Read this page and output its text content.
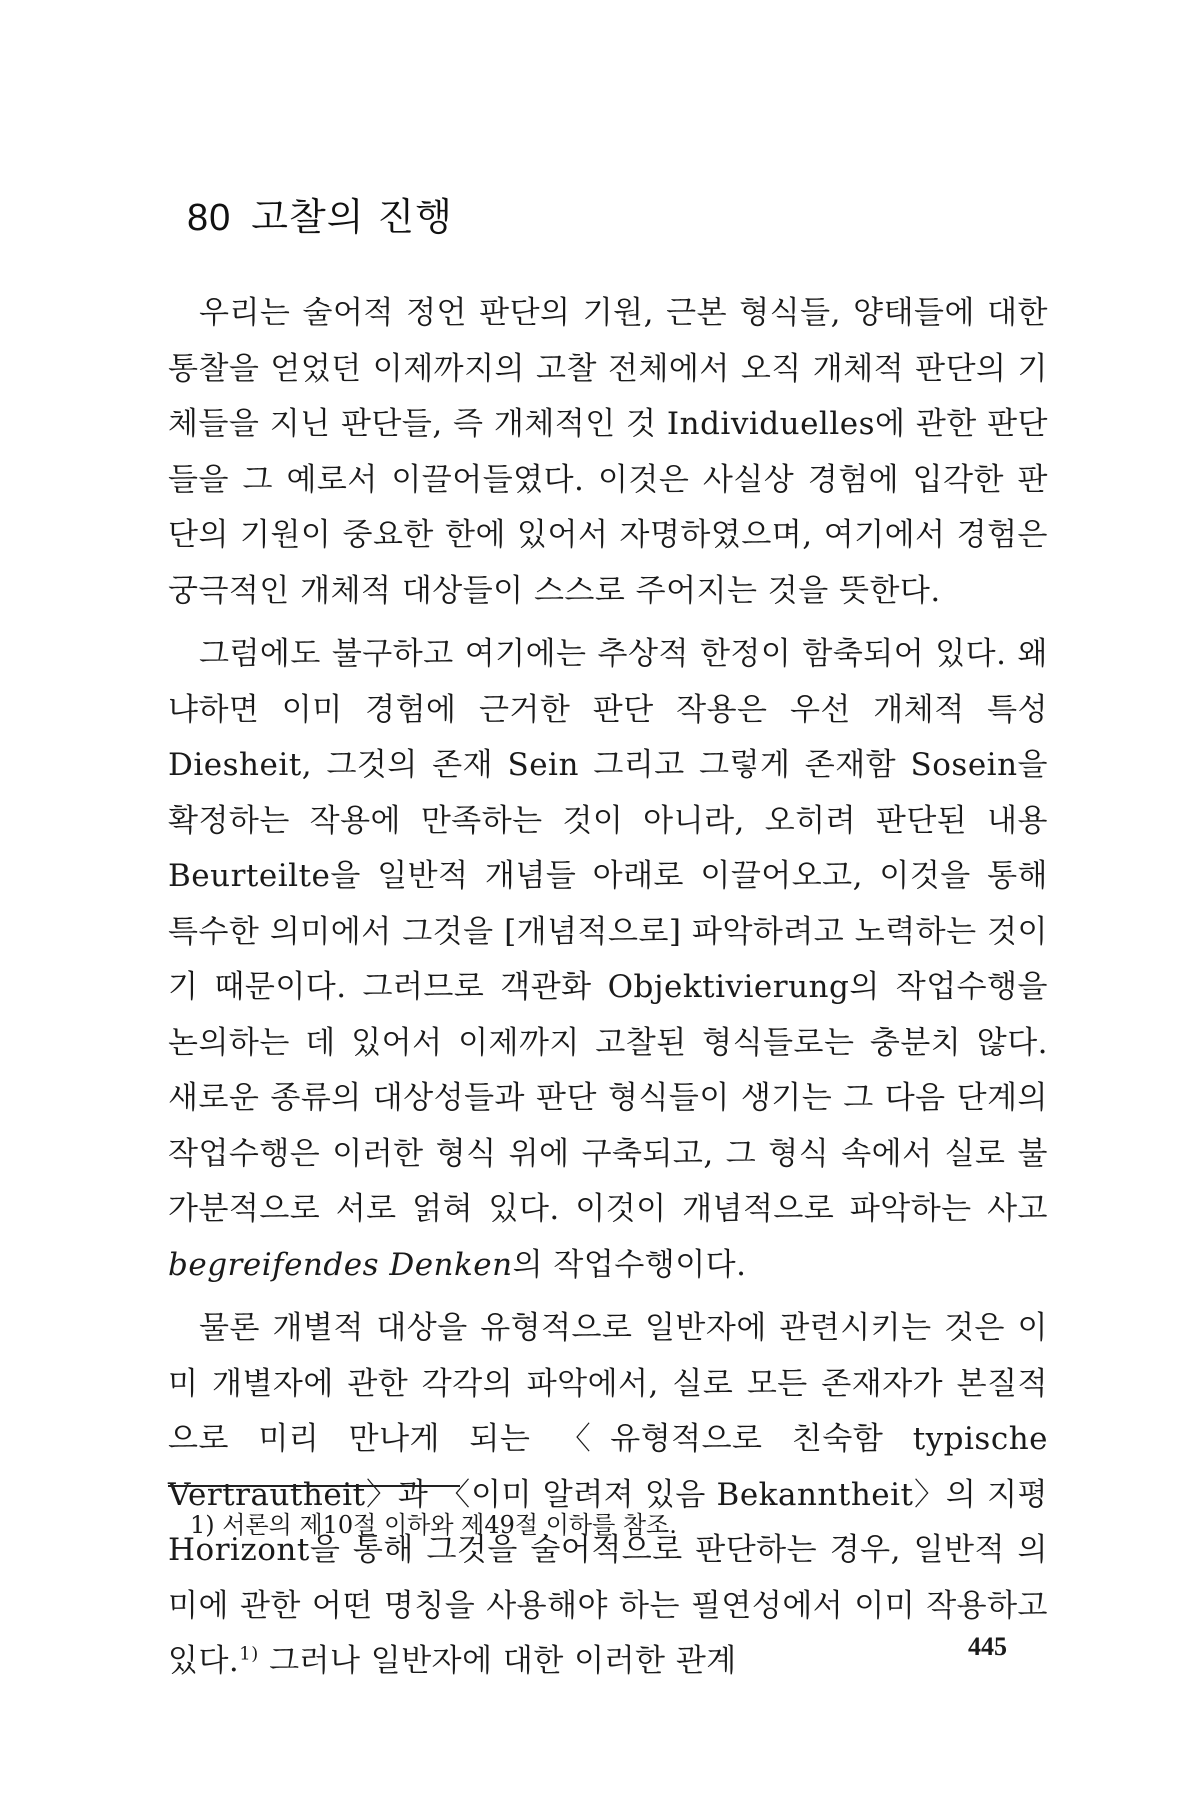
80 고찰의 진행

우리는 술어적 정언 판단의 기원, 근본 형식들, 양태들에 대한 통찰을 얻었던 이제까지의 고찰 전체에서 오직 개체적 판단의 기체들을 지닌 판단들, 즉 개체적인 것 Individuelles에 관한 판단들을 그 예로서 이끌어들였다. 이것은 사실상 경험에 입각한 판단의 기원이 중요한 한에 있어서 자명하였으며, 여기에서 경험은 궁극적인 개체적 대상들이 스스로 주어지는 것을 뜻한다.

그럼에도 불구하고 여기에는 추상적 한정이 함축되어 있다. 왜냐하면 이미 경험에 근거한 판단 작용은 우선 개체적 특성 Diesheit, 그것의 존재 Sein 그리고 그렇게 존재함 Sosein을 확정하는 작용에 만족하는 것이 아니라, 오히려 판단된 내용 Beurteilte을 일반적 개념들 아래로 이끌어오고, 이것을 통해 특수한 의미에서 그것을 [개념적으로] 파악하려고 노력하는 것이기 때문이다. 그러므로 객관화 Objektivierung의 작업수행을 논의하는 데 있어서 이제까지 고찰된 형식들로는 충분치 않다. 새로운 종류의 대상성들과 판단 형식들이 생기는 그 다음 단계의 작업수행은 이러한 형식 위에 구축되고, 그 형식 속에서 실로 불가분적으로 서로 얽혀 있다. 이것이 개념적으로 파악하는 사고 begreifendes Denken의 작업수행이다.

물론 개별적 대상을 유형적으로 일반자에 관련시키는 것은 이미 개별자에 관한 각각의 파악에서, 실로 모든 존재자가 본질적으로 미리 만나게 되는 〈유형적으로 친숙함 typische Vertrautheit〉과 〈이미 알려져 있음 Bekanntheit〉의 지평 Horizont을 통해 그것을 술어적으로 판단하는 경우, 일반적 의미에 관한 어떤 명칭을 사용해야 하는 필연성에서 이미 작용하고 있다.$^{1)}$ 그러나 일반자에 대한 이러한 관계

1) 서론의 제10절 이하와 제49절 이하를 참조.
445
